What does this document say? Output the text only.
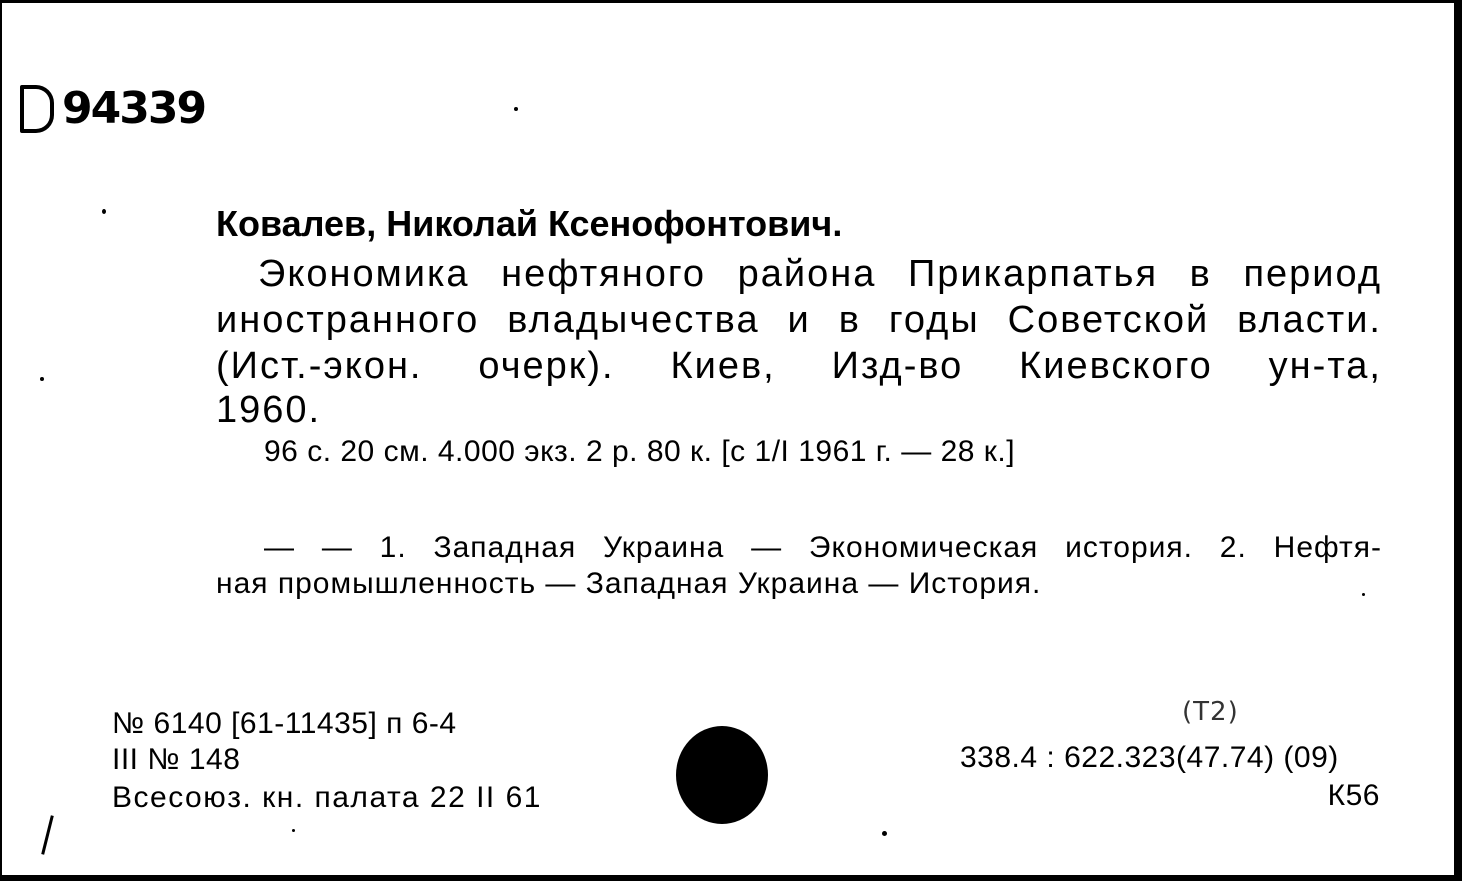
94339
Ковалев, Николай Ксенофонтович.
Экономика нефтяного района Прикарпатья в период
иностранного владычества и в годы Советской власти.
(Ист.-экон. очерк). Киев, Изд-во Киевского ун-та,
1960.
96 с. 20 см. 4.000 экз. 2 р. 80 к. [с 1/I 1961 г. — 28 к.]
— — 1. Западная Украина — Экономическая история. 2. Нефтя-
ная промышленность — Западная Украина — История.
№ 6140 [61-11435] п 6-4
III № 148
Всесоюз. кн. палата 22 II 61
(Т2)
338.4 : 622.323(47.74) (09)
К56
